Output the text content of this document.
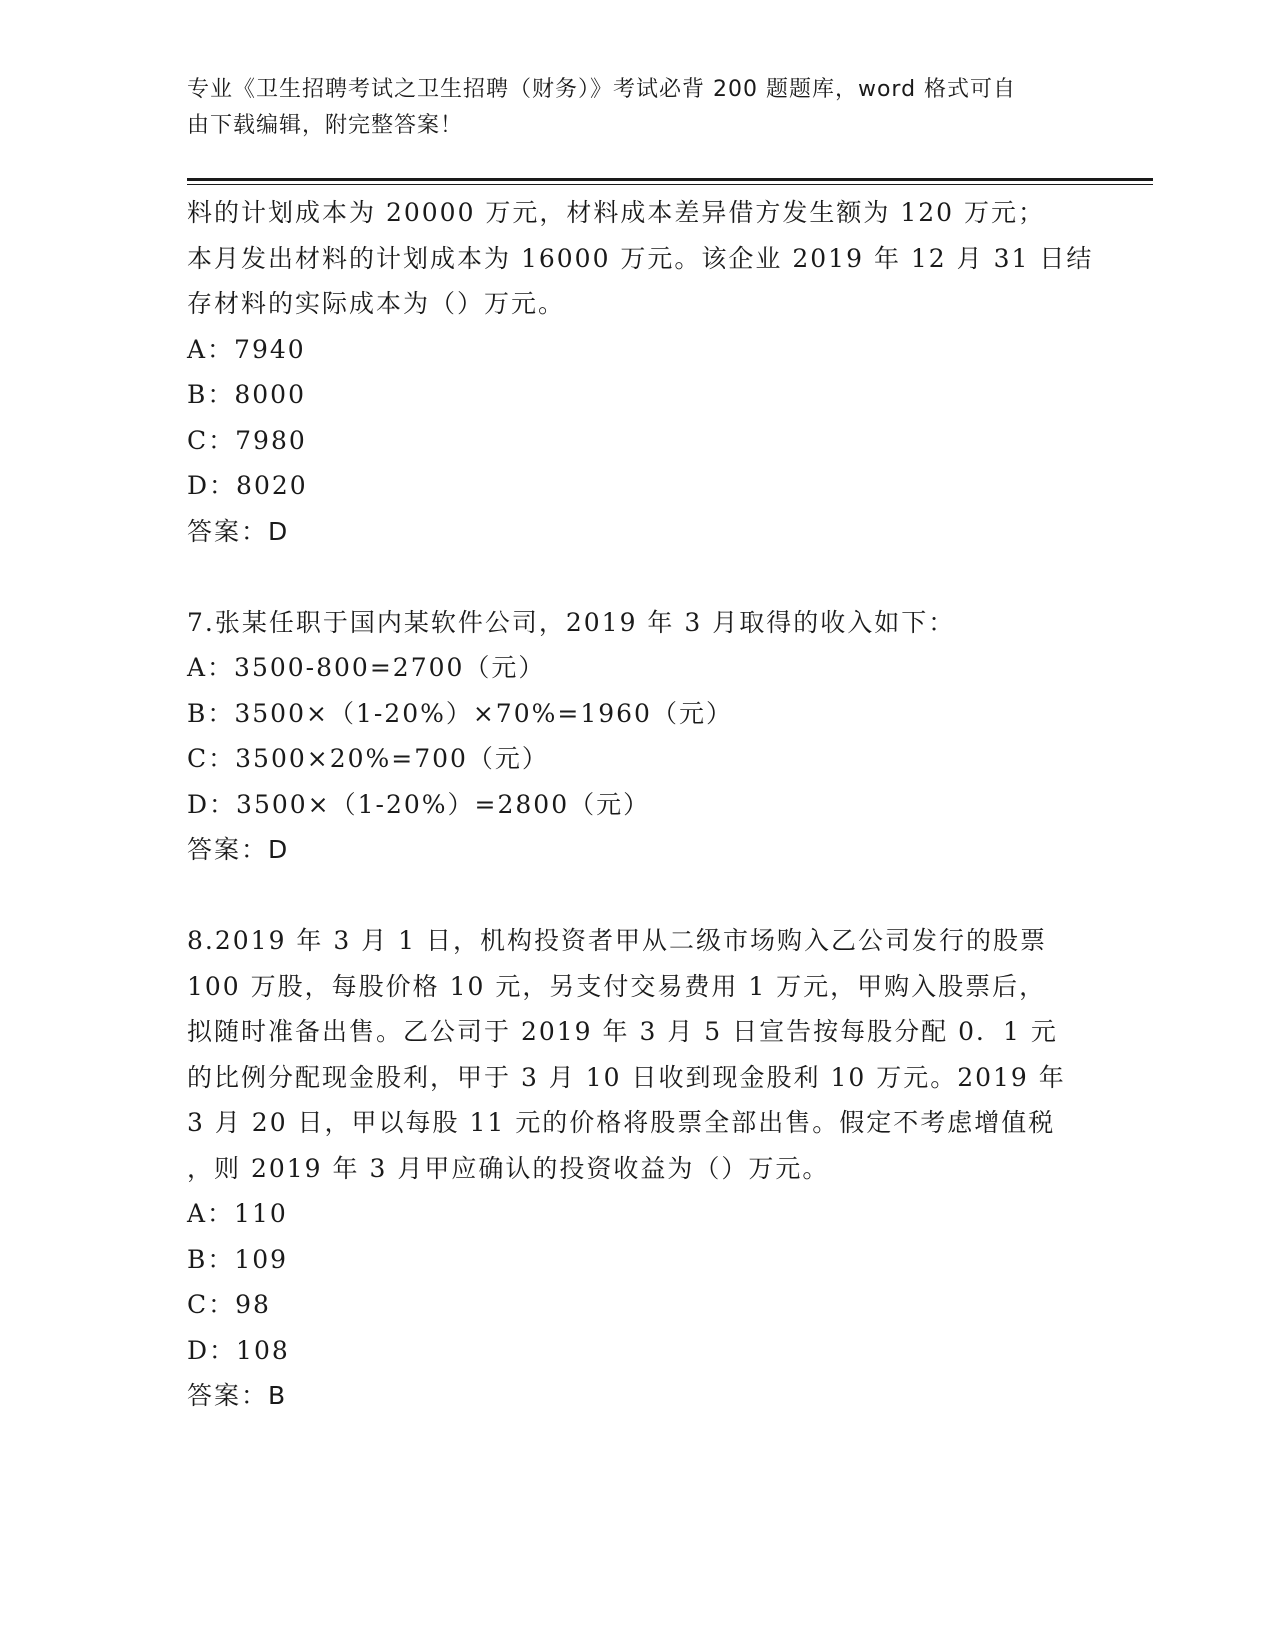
专业《卫生招聘考试之卫生招聘（财务）》考试必背 200 题题库，word 格式可自
由下载编辑，附完整答案！
料的计划成本为 20000 万元，材料成本差异借方发生额为 120 万元；
本月发出材料的计划成本为 16000 万元。该企业 2019 年 12 月 31 日结
存材料的实际成本为（）万元。
A：7940
B：8000
C：7980
D：8020
答案：D
7.张某任职于国内某软件公司，2019 年 3 月取得的收入如下：
A：3500-800=2700（元）
B：3500×（1-20%）×70%=1960（元）
C：3500×20%=700（元）
D：3500×（1-20%）=2800（元）
答案：D
8.2019 年 3 月 1 日，机构投资者甲从二级市场购入乙公司发行的股票
100 万股，每股价格 10 元，另支付交易费用 1 万元，甲购入股票后，
拟随时准备出售。乙公司于 2019 年 3 月 5 日宣告按每股分配 0．1 元
的比例分配现金股利，甲于 3 月 10 日收到现金股利 10 万元。2019 年
3 月 20 日，甲以每股 11 元的价格将股票全部出售。假定不考虑增值税
，则 2019 年 3 月甲应确认的投资收益为（）万元。
A：110
B：109
C：98
D：108
答案：B
